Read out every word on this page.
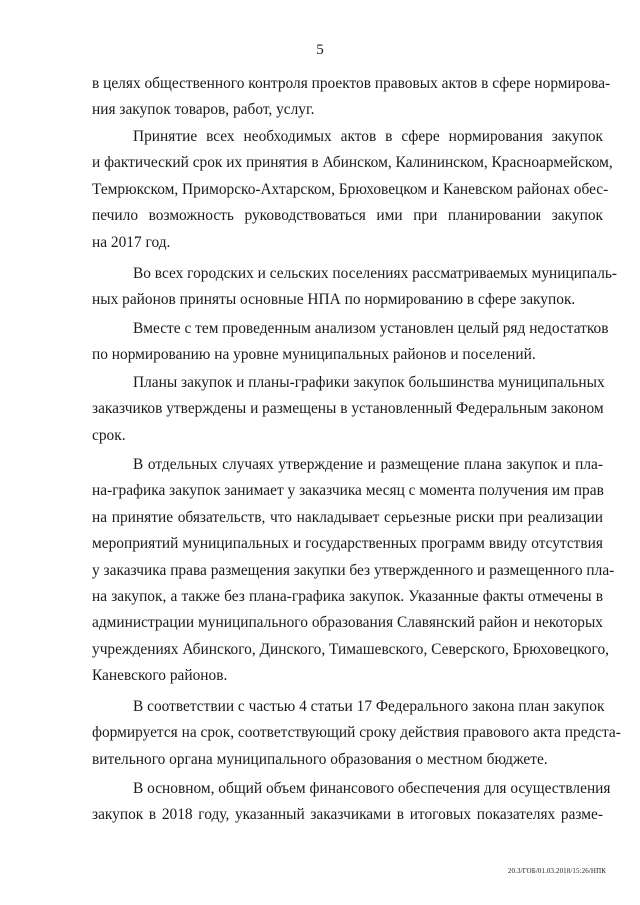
5

в целях общественного контроля проектов правовых актов в сфере нормирова-
ния закупок товаров, работ, услуг.

Принятие всех необходимых актов в сфере нормирования закупок
и фактический срок их принятия в Абинском, Калининском, Красноармейском,
Темрюкском, Приморско-Ахтарском, Брюховецком и Каневском районах обес-
печило возможность руководствоваться ими при планировании закупок
на 2017 год.

Во всех городских и сельских поселениях рассматриваемых муниципаль-
ных районов приняты основные НПА по нормированию в сфере закупок.

Вместе с тем проведенным анализом установлен целый ряд недостатков
по нормированию на уровне муниципальных районов и поселений.

Планы закупок и планы-графики закупок большинства муниципальных
заказчиков утверждены и размещены в установленный Федеральным законом
срок.

В отдельных случаях утверждение и размещение плана закупок и пла-
на-графика закупок занимает у заказчика месяц с момента получения им прав
на принятие обязательств, что накладывает серьезные риски при реализации
мероприятий муниципальных и государственных программ ввиду отсутствия
у заказчика права размещения закупки без утвержденного и размещенного пла-
на закупок, а также без плана-графика закупок. Указанные факты отмечены в
администрации муниципального образования Славянский район и некоторых
учреждениях Абинского, Динского, Тимашевского, Северского, Брюховецкого,
Каневского районов.

В соответствии с частью 4 статьи 17 Федерального закона план закупок
формируется на срок, соответствующий сроку действия правового акта предста-
вительного органа муниципального образования о местном бюджете.

В основном, общий объем финансового обеспечения для осуществления
закупок в 2018 году, указанный заказчиками в итоговых показателях разме-

20.3/ГОБ/01.03.2018/15:26/НПК
